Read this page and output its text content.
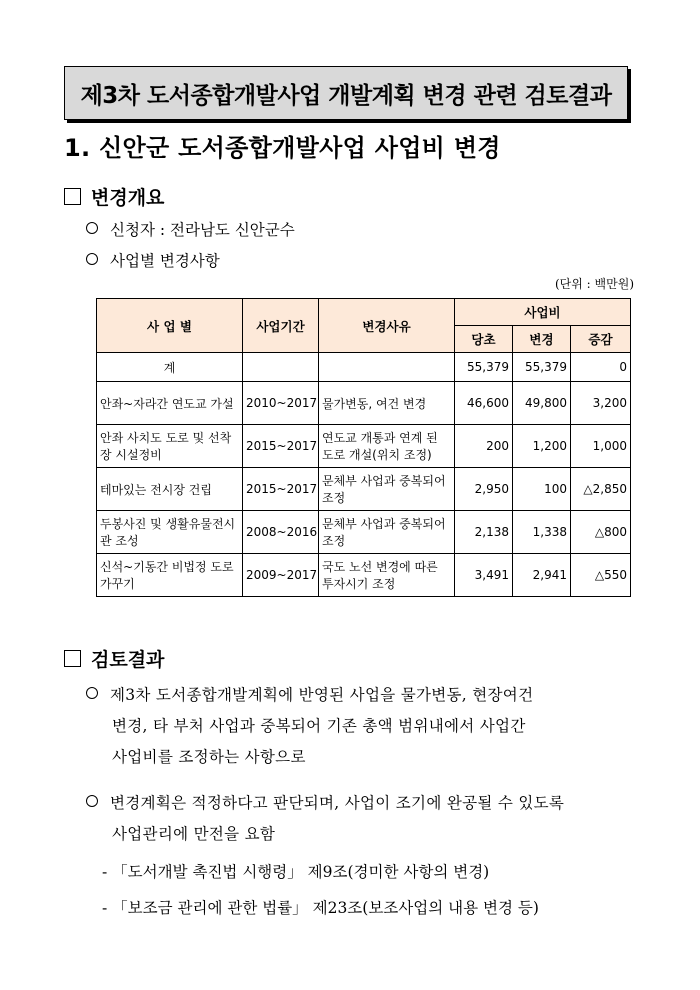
제3차 도서종합개발사업 개발계획 변경 관련 검토결과
1. 신안군 도서종합개발사업 사업비 변경
변경개요
신청자 : 전라남도 신안군수
사업별 변경사항
(단위 : 백만원)
사 업 별	사업기간	변경사유	사업비		
			당초	변경	증감
계			55,379	55,379	0
안좌~자라간 연도교 가설	2010~2017	물가변동, 여건 변경	46,600	49,800	3,200
안좌 사치도 도로 및 선착장 시설정비	2015~2017	연도교 개통과 연계 된 도로 개설(위치 조정)	200	1,200	1,000
테마있는 전시장 건립	2015~2017	문체부 사업과 중복되어 조정	2,950	100	△2,850
두봉사진 및 생활유물전시관 조성	2008~2016	문체부 사업과 중복되어 조정	2,138	1,338	△800
신석~기동간 비법정 도로가꾸기	2009~2017	국도 노선 변경에 따른 투자시기 조정	3,491	2,941	△550
검토결과
제3차 도서종합개발계획에 반영된 사업을 물가변동, 현장여건
변경, 타 부처 사업과 중복되어 기존 총액 범위내에서 사업간
사업비를 조정하는 사항으로
변경계획은 적정하다고 판단되며, 사업이 조기에 완공될 수 있도록
사업관리에 만전을 요함
- 「도서개발 촉진법 시행령」 제9조(경미한 사항의 변경)
- 「보조금 관리에 관한 법률」 제23조(보조사업의 내용 변경 등)
